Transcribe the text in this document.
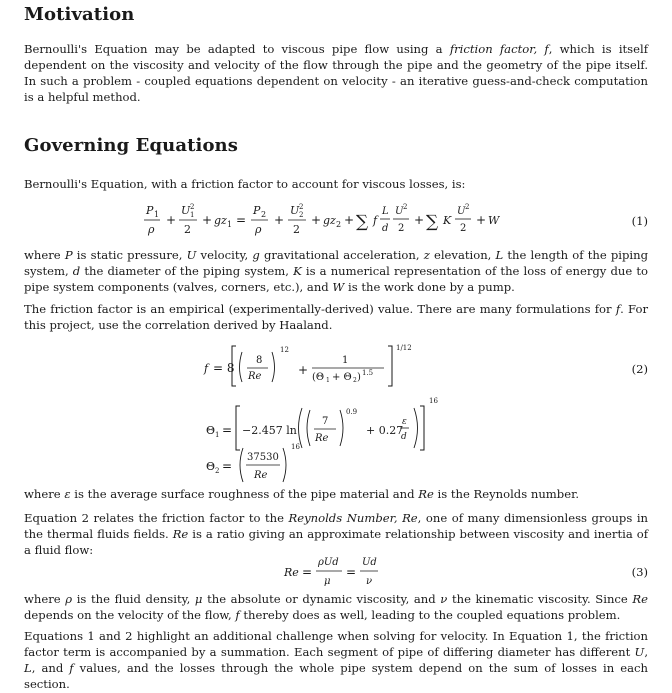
Motivation

Bernoulli's Equation may be adapted to viscous pipe flow using a friction factor, f, which is itself dependent on the viscosity and velocity of the flow through the pipe and the geometry of the pipe itself. In such a problem - coupled equations dependent on velocity - an iterative guess-and-check computation is a helpful method.

Governing Equations

Bernoulli's Equation, with a friction factor to account for viscous losses, is:

P 1
ρ
+
U 2
1
2
+ gz 1 =
P 2
ρ
+
U 2
2
2
+ gz 2 + ∑ f
L
d
U 2
2
+ ∑ K
U 2
2
+ W	(1)

where P is static pressure, U velocity, g gravitational acceleration, z elevation, L the length of the piping system, d the diameter of the piping system, K is a numerical representation of the loss of energy due to pipe system components (valves, corners, etc.), and W is the work done by a pump.

The friction factor is an empirical (experimentally-derived) value. There are many formulations for f. For this project, use the correlation derived by Haaland.

f = 8
8
Re
12
+
1
(Θ 1 + Θ 2 ) 1.5
1/12
Θ 1 = −2.457 ln
7
Re
0.9
+ 0.27
ε
d
16
Θ 2 =
37530
Re
16
(2)

where ε is the average surface roughness of the pipe material and Re is the Reynolds number.

Equation 2 relates the friction factor to the Reynolds Number, Re, one of many dimensionless groups in the thermal fluids fields. Re is a ratio giving an approximate relationship between viscosity and inertia of a fluid flow:

Re =
ρUd
μ
=
Ud
ν
(3)

where ρ is the fluid density, μ the absolute or dynamic viscosity, and ν the kinematic viscosity. Since Re depends on the velocity of the flow, f thereby does as well, leading to the coupled equations problem.

Equations 1 and 2 highlight an additional challenge when solving for velocity. In Equation 1, the friction factor term is accompanied by a summation. Each segment of pipe of differing diameter has different U, L, and f values, and the losses through the whole pipe system depend on the sum of losses in each section.
